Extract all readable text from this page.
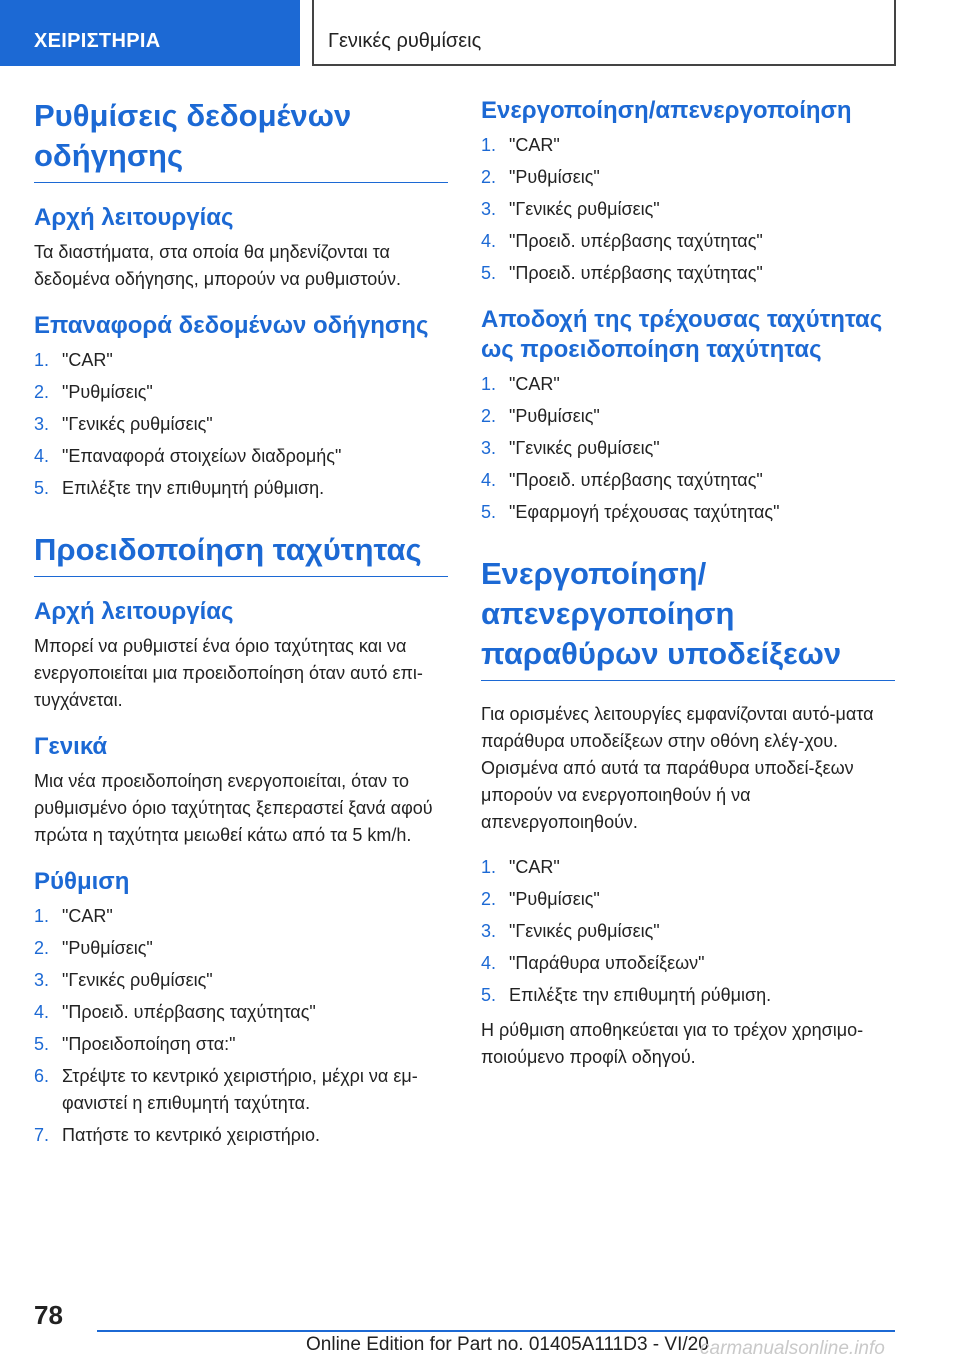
ΧΕΙΡΙΣΤΗΡΙΑ	Γενικές ρυθμίσεις
Ρυθμίσεις δεδομένων οδήγησης
Αρχή λειτουργίας
Τα διαστήματα, στα οποία θα μηδενίζονται τα δεδομένα οδήγησης, μπορούν να ρυθμιστούν.
Επαναφορά δεδομένων οδήγησης
1. "CAR"
2. "Ρυθμίσεις"
3. "Γενικές ρυθμίσεις"
4. "Επαναφορά στοιχείων διαδρομής"
5. Επιλέξτε την επιθυμητή ρύθμιση.
Προειδοποίηση ταχύτητας
Αρχή λειτουργίας
Μπορεί να ρυθμιστεί ένα όριο ταχύτητας και να ενεργοποιείται μια προειδοποίηση όταν αυτό επι-τυγχάνεται.
Γενικά
Μια νέα προειδοποίηση ενεργοποιείται, όταν το ρυθμισμένο όριο ταχύτητας ξεπεραστεί ξανά αφού πρώτα η ταχύτητα μειωθεί κάτω από τα 5 km/h.
Ρύθμιση
1. "CAR"
2. "Ρυθμίσεις"
3. "Γενικές ρυθμίσεις"
4. "Προειδ. υπέρβασης ταχύτητας"
5. "Προειδοποίηση στα:"
6. Στρέψτε το κεντρικό χειριστήριο, μέχρι να εμ-φανιστεί η επιθυμητή ταχύτητα.
7. Πατήστε το κεντρικό χειριστήριο.
Ενεργοποίηση/απενεργοποίηση
1. "CAR"
2. "Ρυθμίσεις"
3. "Γενικές ρυθμίσεις"
4. "Προειδ. υπέρβασης ταχύτητας"
5. "Προειδ. υπέρβασης ταχύτητας"
Αποδοχή της τρέχουσας ταχύτητας ως προειδοποίηση ταχύτητας
1. "CAR"
2. "Ρυθμίσεις"
3. "Γενικές ρυθμίσεις"
4. "Προειδ. υπέρβασης ταχύτητας"
5. "Εφαρμογή τρέχουσας ταχύτητας"
Ενεργοποίηση/ απενεργοποίηση παραθύρων υποδείξεων
Για ορισμένες λειτουργίες εμφανίζονται αυτό-ματα παράθυρα υποδείξεων στην οθόνη ελέγ-χου. Ορισμένα από αυτά τα παράθυρα υποδεί-ξεων μπορούν να ενεργοποιηθούν ή να απενεργοποιηθούν.
1. "CAR"
2. "Ρυθμίσεις"
3. "Γενικές ρυθμίσεις"
4. "Παράθυρα υποδείξεων"
5. Επιλέξτε την επιθυμητή ρύθμιση.
Η ρύθμιση αποθηκεύεται για το τρέχον χρησιμο-ποιούμενο προφίλ οδηγού.
78
Online Edition for Part no. 01405A111D3 - VI/20
carmanualsonline.info
